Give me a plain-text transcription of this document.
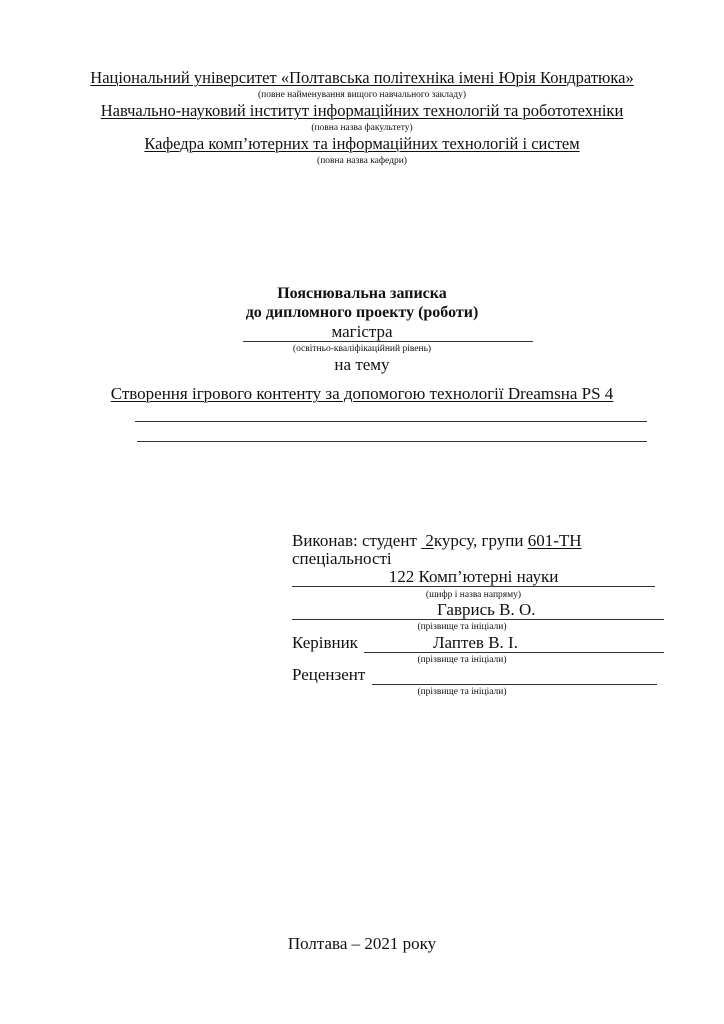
Національний університет «Полтавська політехніка імені Юрія Кондратюка»
(повне найменування вищого навчального закладу)
Навчально-науковий інститут інформаційних технологій та робототехніки
(повна назва факультету)
Кафедра комп’ютерних та інформаційних технологій і систем
(повна назва кафедри)
Пояснювальна записка
до дипломного проекту (роботи)
магістра
(освітньо-кваліфікаційний рівень)
на тему
Створення ігрового контенту за допомогою технології Dreamsна PS 4
Виконав: студент  2курсу, групи 601-ТН
спеціальності
122 Комп’ютерні науки
(шифр і назва напряму)
Гаврись В. О.
(прізвище та ініціали)
Керівник	Лаптев В. І.
(прізвище та ініціали)
Рецензент
(прізвище та ініціали)
Полтава – 2021 року
